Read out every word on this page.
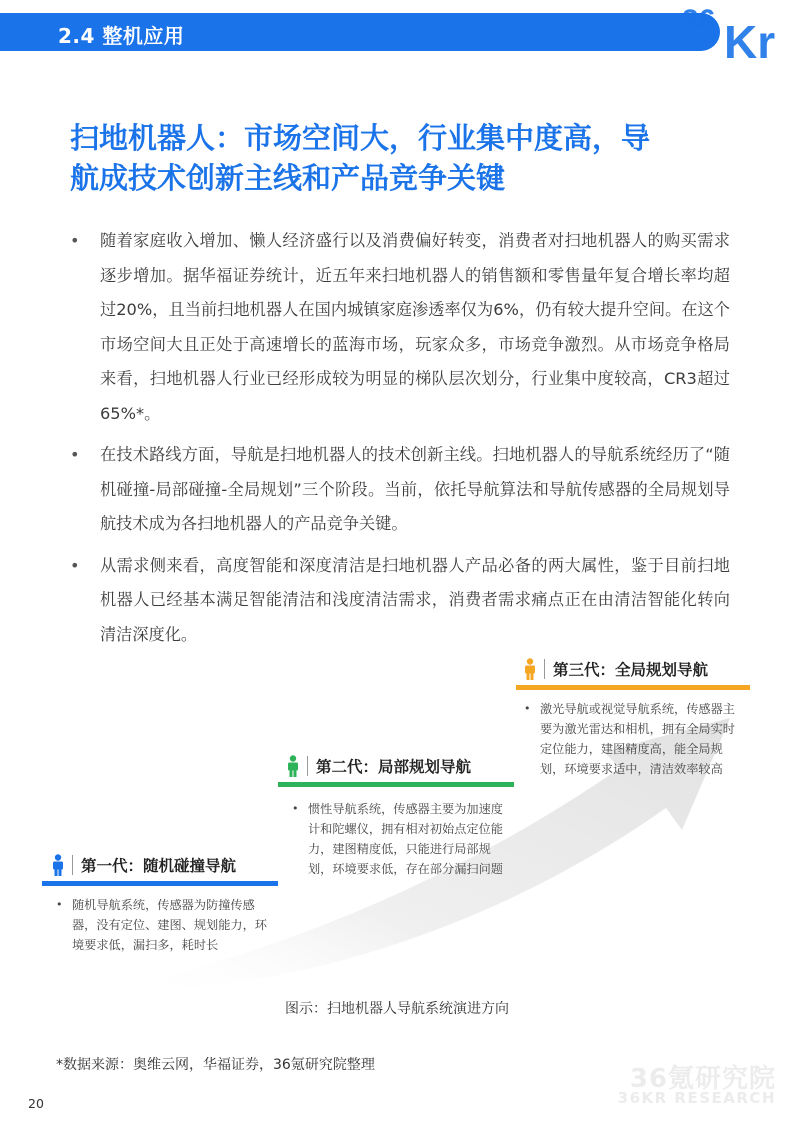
2.4 整机应用	36 Kr
扫地机器人：市场空间大，行业集中度高，导
航成技术创新主线和产品竞争关键
• 随着家庭收入增加、懒人经济盛行以及消费偏好转变，消费者对扫地机器人的购买需求逐步增加。据华福证券统计，近五年来扫地机器人的销售额和零售量年复合增长率均超过20%，且当前扫地机器人在国内城镇家庭渗透率仅为6%，仍有较大提升空间。在这个市场空间大且正处于高速增长的蓝海市场，玩家众多，市场竞争激烈。从市场竞争格局来看，扫地机器人行业已经形成较为明显的梯队层次划分，行业集中度较高，CR3超过65%*。
• 在技术路线方面，导航是扫地机器人的技术创新主线。扫地机器人的导航系统经历了“随机碰撞-局部碰撞-全局规划”三个阶段。当前，依托导航算法和导航传感器的全局规划导航技术成为各扫地机器人的产品竞争关键。
• 从需求侧来看，高度智能和深度清洁是扫地机器人产品必备的两大属性，鉴于目前扫地机器人已经基本满足智能清洁和浅度清洁需求，消费者需求痛点正在由清洁智能化转向清洁深度化。
第一代：随机碰撞导航
• 随机导航系统，传感器为防撞传感器，没有定位、建图、规划能力，环境要求低，漏扫多，耗时长
第二代：局部规划导航
• 惯性导航系统，传感器主要为加速度计和陀螺仪，拥有相对初始点定位能力，建图精度低，只能进行局部规划，环境要求低，存在部分漏扫问题
第三代：全局规划导航
• 激光导航或视觉导航系统，传感器主要为激光雷达和相机，拥有全局实时定位能力，建图精度高，能全局规划，环境要求适中，清洁效率较高
图示：扫地机器人导航系统演进方向
*数据来源：奥维云网，华福证券，36氪研究院整理	36氪研究院
36KR RESEARCH
20
